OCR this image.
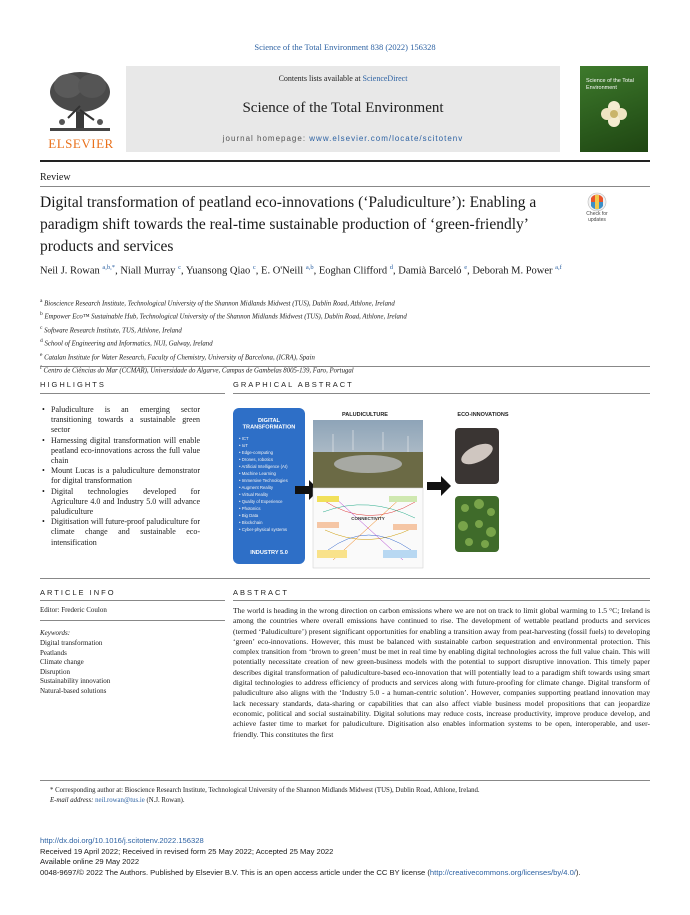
Science of the Total Environment 838 (2022) 156328
ELSEVIER
Contents lists available at ScienceDirect
Science of the Total Environment
journal homepage: www.elsevier.com/locate/scitotenv
Science of the Total Environment
Review
Digital transformation of peatland eco-innovations (‘Paludiculture’): Enabling a paradigm shift towards the real-time sustainable production of ‘green-friendly’ products and services
Check for updates
Neil J. Rowan $^{a,b,*}$, Niall Murray $^c$, Yuansong Qiao $^c$, E. O'Neill $^{a,b}$, Eoghan Clifford $^d$, Damià Barceló $^e$, Deborah M. Power $^{a,f}$
$^a$ Bioscience Research Institute, Technological University of the Shannon Midlands Midwest (TUS), Dublin Road, Athlone, Ireland
$^b$ Empower Eco™ Sustainable Hub, Technological University of the Shannon Midlands Midwest (TUS), Dublin Road, Athlone, Ireland
$^c$ Software Research Institute, TUS, Athlone, Ireland
$^d$ School of Engineering and Informatics, NUI, Galway, Ireland
$^e$ Catalan Institute for Water Research, Faculty of Chemistry, University of Barcelona, (ICRA), Spain
$^f$ Centro de Ciências do Mar (CCMAR), Universidade do Algarve, Campus de Gambelas 8005-139, Faro, Portugal
HIGHLIGHTS	GRAPHICAL ABSTRACT
• Paludiculture is an emerging sector transitioning towards a sustainable green sector
• Harnessing digital transformation will enable peatland eco-innovations across the full value chain
• Mount Lucas is a paludiculture demonstrator for digital transformation
• Digital technologies developed for Agriculture 4.0 and Industry 5.0 will advance paludiculture
• Digitisation will future-proof paludiculture for climate change and sustainable eco- intensification
DIGITAL TRANSFORMATION
• ICT
• IoT
• Edge-computing
• Drones, robotics
• Artificial Intelligence (AI)
• Machine Learning
• Immersive Technologies
• Augment Reality
• Virtual Reality
• Quality of Experience
• Photonics
• Big Data
• Blockchain
• Cyber-physical systems
INDUSTRY 5.0
PALUDICULTURE
CONNECTIVITY
ECO-INNOVATIONS
ARTICLE INFO	ABSTRACT
Editor: Frederic Coulon
Keywords:
Digital transformation
Peatlands
Climate change
Disruption
Sustainability innovation
Natural-based solutions
The world is heading in the wrong direction on carbon emissions where we are not on track to limit global warming to 1.5 °C; Ireland is among the countries where overall emissions have continued to rise. The development of wettable peatland products and services (termed ‘Paludiculture’) present significant opportunities for enabling a transition away from peat-harvesting (fossil fuels) to developing ‘green’ eco-innovations. However, this must be balanced with sustainable carbon sequestration and environmental protection. This complex transition from ‘brown to green’ must be met in real time by enabling digital technologies across the full value chain. This will potentially necessitate creation of new green-business models with the potential to support disruptive innovation. This timely paper describes digital transformation of paludiculture-based eco-innovation that will potentially lead to a paradigm shift towards using smart digital technologies to address efficiency of products and services along with future-proofing for climate change. Digital transform of paludiculture also aligns with the ‘Industry 5.0 - a human-centric solution’. However, companies supporting peatland innovation may lack necessary standards, data-sharing or capabilities that can also affect viable business model propositions that can jeopardize economic, political and social sustainability. Digital solutions may reduce costs, increase productivity, improve produce develop, and achieve faster time to market for paludiculture. Digitisation also enables information systems to be open, interoperable, and user-friendly. This constitutes the first
* Corresponding author at: Bioscience Research Institute, Technological University of the Shannon Midlands Midwest (TUS), Dublin Road, Athlone, Ireland.
E-mail address: neil.rowan@tus.ie (N.J. Rowan).
http://dx.doi.org/10.1016/j.scitotenv.2022.156328
Received 19 April 2022; Received in revised form 25 May 2022; Accepted 25 May 2022
Available online 29 May 2022
0048-9697/© 2022 The Authors. Published by Elsevier B.V. This is an open access article under the CC BY license (http://creativecommons.org/licenses/by/4.0/).
